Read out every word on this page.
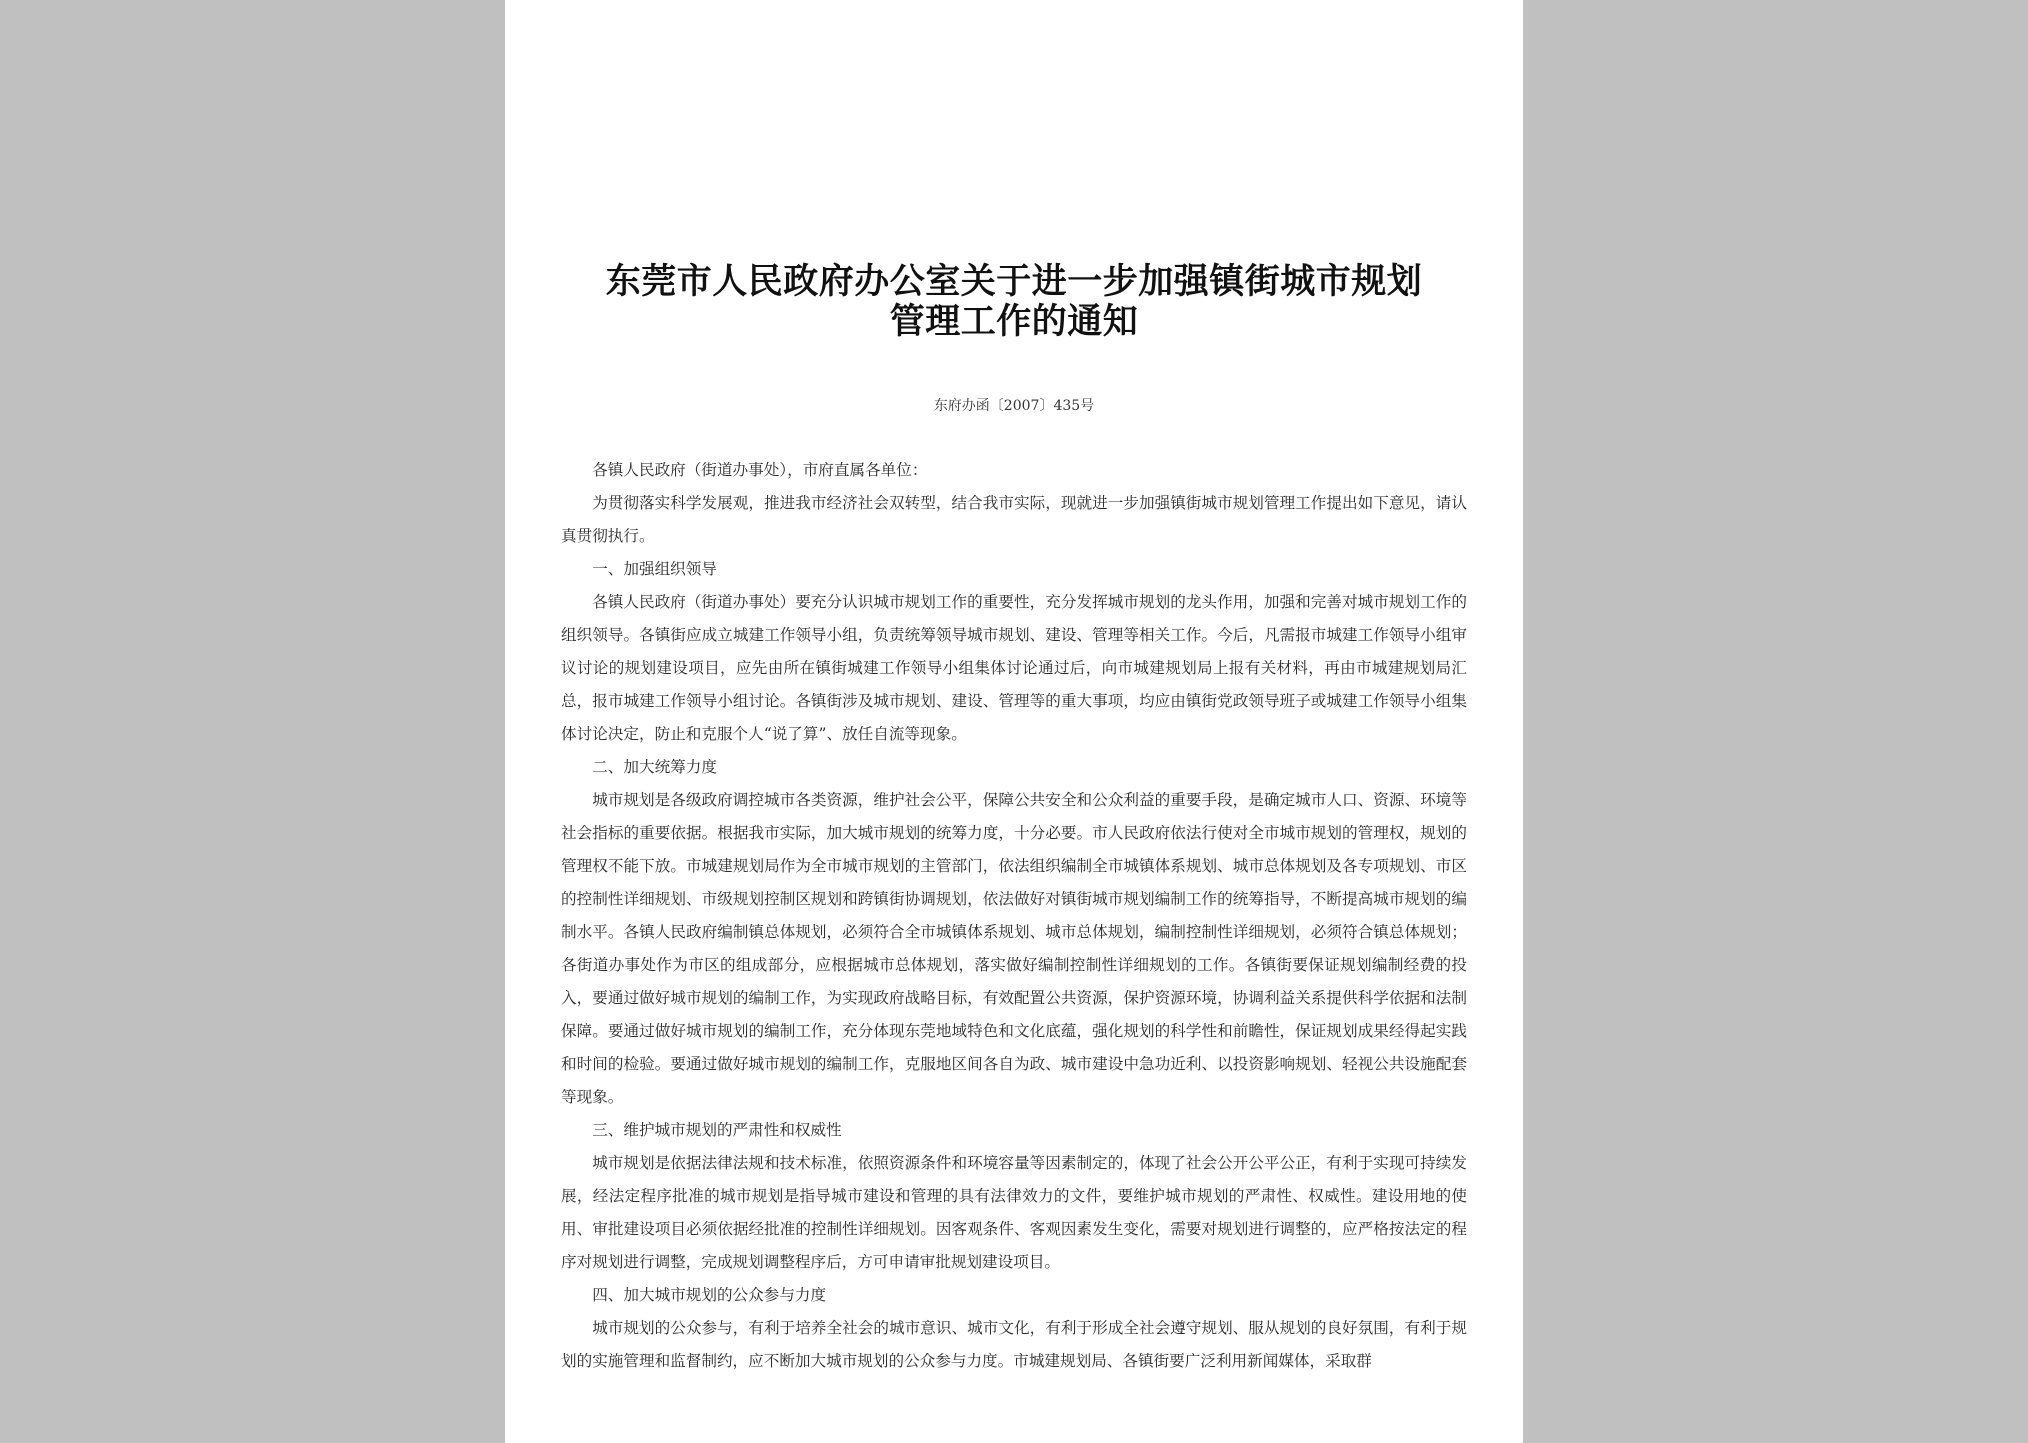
东莞市人民政府办公室关于进一步加强镇街城市规划
管理工作的通知
东府办函〔2007〕435号

各镇人民政府（街道办事处），市府直属各单位：

为贯彻落实科学发展观，推进我市经济社会双转型，结合我市实际，现就进一步加强镇街城市规划管理工作提出如下意见，请认真贯彻执行。

一、加强组织领导

各镇人民政府（街道办事处）要充分认识城市规划工作的重要性，充分发挥城市规划的龙头作用，加强和完善对城市规划工作的组织领导。各镇街应成立城建工作领导小组，负责统筹领导城市规划、建设、管理等相关工作。今后，凡需报市城建工作领导小组审议讨论的规划建设项目，应先由所在镇街城建工作领导小组集体讨论通过后，向市城建规划局上报有关材料，再由市城建规划局汇总，报市城建工作领导小组讨论。各镇街涉及城市规划、建设、管理等的重大事项，均应由镇街党政领导班子或城建工作领导小组集体讨论决定，防止和克服个人“说了算”、放任自流等现象。

二、加大统筹力度

城市规划是各级政府调控城市各类资源，维护社会公平，保障公共安全和公众利益的重要手段，是确定城市人口、资源、环境等社会指标的重要依据。根据我市实际，加大城市规划的统筹力度，十分必要。市人民政府依法行使对全市城市规划的管理权，规划的管理权不能下放。市城建规划局作为全市城市规划的主管部门，依法组织编制全市城镇体系规划、城市总体规划及各专项规划、市区的控制性详细规划、市级规划控制区规划和跨镇街协调规划，依法做好对镇街城市规划编制工作的统筹指导，不断提高城市规划的编制水平。各镇人民政府编制镇总体规划，必须符合全市城镇体系规划、城市总体规划，编制控制性详细规划，必须符合镇总体规划；各街道办事处作为市区的组成部分，应根据城市总体规划，落实做好编制控制性详细规划的工作。各镇街要保证规划编制经费的投入，要通过做好城市规划的编制工作，为实现政府战略目标，有效配置公共资源，保护资源环境，协调利益关系提供科学依据和法制保障。要通过做好城市规划的编制工作，充分体现东莞地域特色和文化底蕴，强化规划的科学性和前瞻性，保证规划成果经得起实践和时间的检验。要通过做好城市规划的编制工作，克服地区间各自为政、城市建设中急功近利、以投资影响规划、轻视公共设施配套等现象。

三、维护城市规划的严肃性和权威性

城市规划是依据法律法规和技术标准，依照资源条件和环境容量等因素制定的，体现了社会公开公平公正，有利于实现可持续发展，经法定程序批准的城市规划是指导城市建设和管理的具有法律效力的文件，要维护城市规划的严肃性、权威性。建设用地的使用、审批建设项目必须依据经批准的控制性详细规划。因客观条件、客观因素发生变化，需要对规划进行调整的，应严格按法定的程序对规划进行调整，完成规划调整程序后，方可申请审批规划建设项目。

四、加大城市规划的公众参与力度

城市规划的公众参与，有利于培养全社会的城市意识、城市文化，有利于形成全社会遵守规划、服从规划的良好氛围，有利于规划的实施管理和监督制约，应不断加大城市规划的公众参与力度。市城建规划局、各镇街要广泛利用新闻媒体，采取群
